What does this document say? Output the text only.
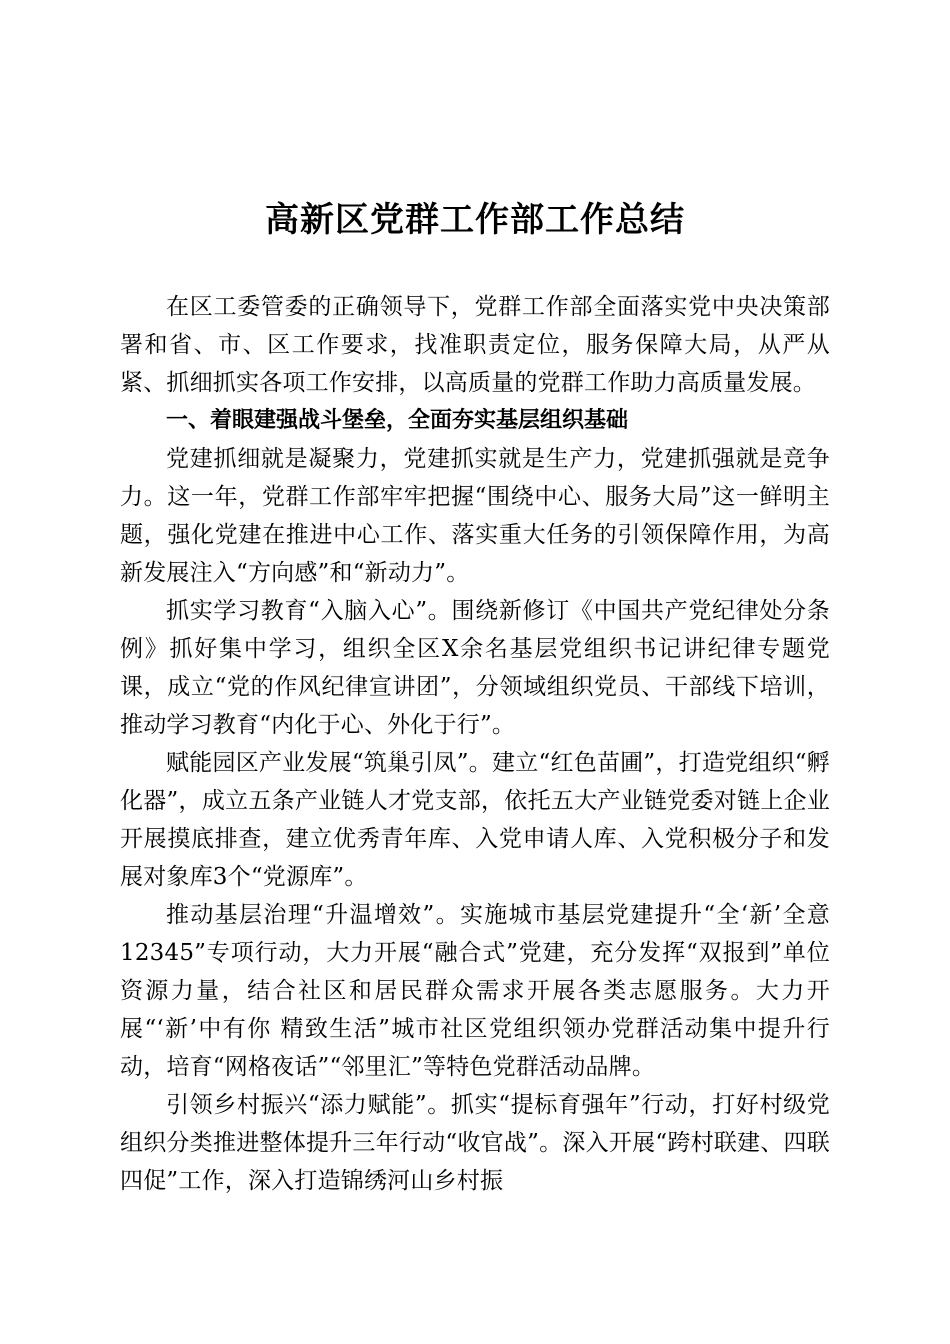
高新区党群工作部工作总结

在区工委管委的正确领导下，党群工作部全面落实党中央决策部署和省、市、区工作要求，找准职责定位，服务保障大局，从严从紧、抓细抓实各项工作安排，以高质量的党群工作助力高质量发展。

一、着眼建强战斗堡垒，全面夯实基层组织基础

党建抓细就是凝聚力，党建抓实就是生产力，党建抓强就是竞争力。这一年，党群工作部牢牢把握“围绕中心、服务大局”这一鲜明主题，强化党建在推进中心工作、落实重大任务的引领保障作用，为高新发展注入“方向感”和“新动力”。

抓实学习教育“入脑入心”。围绕新修订《中国共产党纪律处分条例》抓好集中学习，组织全区X余名基层党组织书记讲纪律专题党课，成立“党的作风纪律宣讲团”，分领域组织党员、干部线下培训，推动学习教育“内化于心、外化于行”。

赋能园区产业发展“筑巢引凤”。建立“红色苗圃”，打造党组织“孵化器”，成立五条产业链人才党支部，依托五大产业链党委对链上企业开展摸底排查，建立优秀青年库、入党申请人库、入党积极分子和发展对象库3个“党源库”。

推动基层治理“升温增效”。实施城市基层党建提升“全‘新’全意12345”专项行动，大力开展“融合式”党建，充分发挥“双报到”单位资源力量，结合社区和居民群众需求开展各类志愿服务。大力开展“‘新’中有你 精致生活”城市社区党组织领办党群活动集中提升行动，培育“网格夜话”“邻里汇”等特色党群活动品牌。

引领乡村振兴“添力赋能”。抓实“提标育强年”行动，打好村级党组织分类推进整体提升三年行动“收官战”。深入开展“跨村联建、四联四促”工作，深入打造锦绣河山乡村振
